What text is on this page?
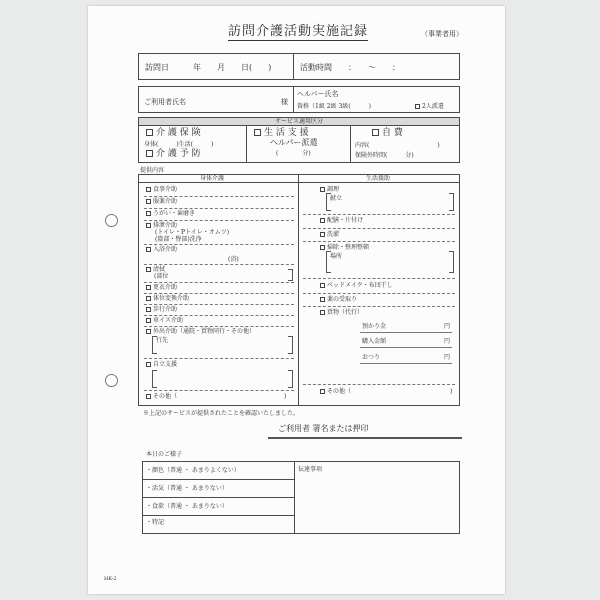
訪問介護活動実施記録	（事業者用）
訪問日　　　年　　月　　日(　　)	活動時間　　：　　～　　：
ご利用者氏名	様
ヘルパー氏名
資格（1級 2級 3級(　　　)	2人派遣
サービス適用区分
介 護 保 険
身体(	)生活(	)
介 護 予 防
生 活 支 援
ヘルパー派遣
(　　　　分)
自 費
内容(	)
保険外時間(　　　分)
提供内容
身体介護	生活援助
食事介助
服薬介助
うがい・歯磨き
排泄介助
(トイレ・Pトイレ・オムツ)
(陰部・臀部)洗浄
入浴介助
(浴)
清拭
(部位
更衣介助
体位変換介助
歩行介助
車イス介助
外出介助（通院・買物同行・その他）
行先
自立支援
その他（	)
調理
献立
配膳・片付け
洗濯
掃除・整理整頓
場所
ベッドメイク・布団干し
薬の受取り
買物（代行）
預かり金	円
購入金額	円
おつり	円
その他（	)
※上記のサービスが提供されたことを確認いたしました。
ご利用者 署名または押印
本日のご様子
・顔色（普通 ・ あまりよくない）
・活気（普通 ・ あまりない）
・食欲（普通 ・ あまりない）
・特記
伝達事項
HK-2
